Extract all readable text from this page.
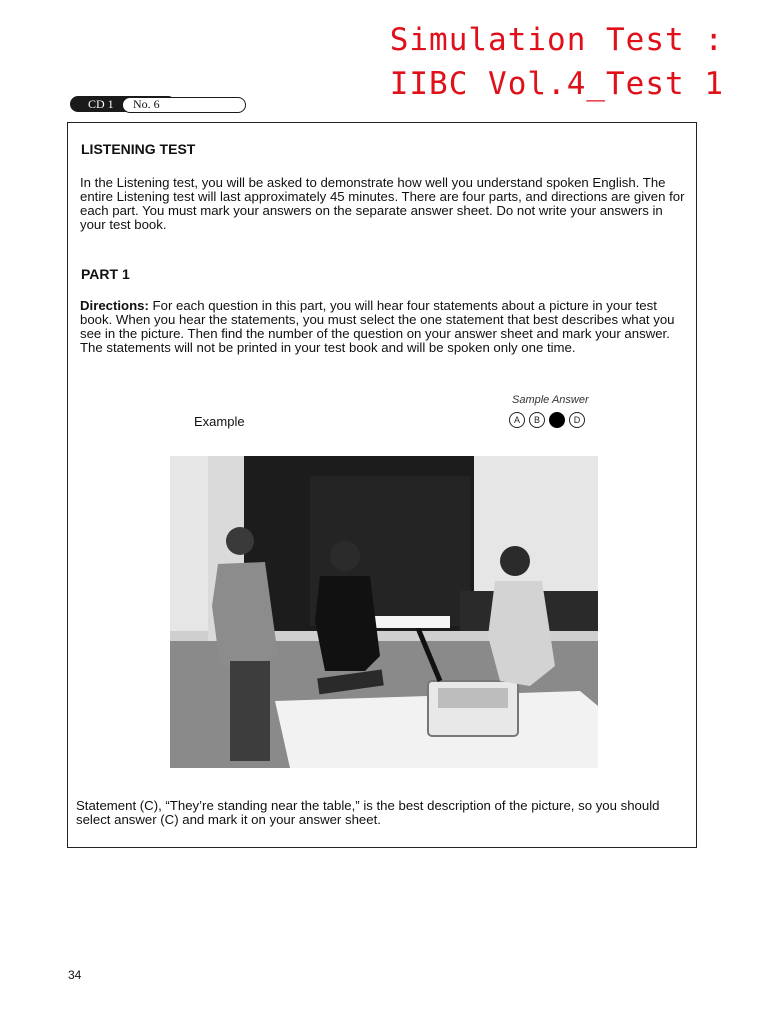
Simulation Test :
IIBC Vol.4_Test 1
CD 1 No. 6
LISTENING TEST
In the Listening test, you will be asked to demonstrate how well you understand spoken English. The entire Listening test will last approximately 45 minutes. There are four parts, and directions are given for each part. You must mark your answers on the separate answer sheet. Do not write your answers in your test book.
PART 1
Directions: For each question in this part, you will hear four statements about a picture in your test book. When you hear the statements, you must select the one statement that best describes what you see in the picture. Then find the number of the question on your answer sheet and mark your answer. The statements will not be printed in your test book and will be spoken only one time.
Example
Sample Answer
A	B	C	D
Statement (C), “They’re standing near the table,” is the best description of the picture, so you should select answer (C) and mark it on your answer sheet.
34
